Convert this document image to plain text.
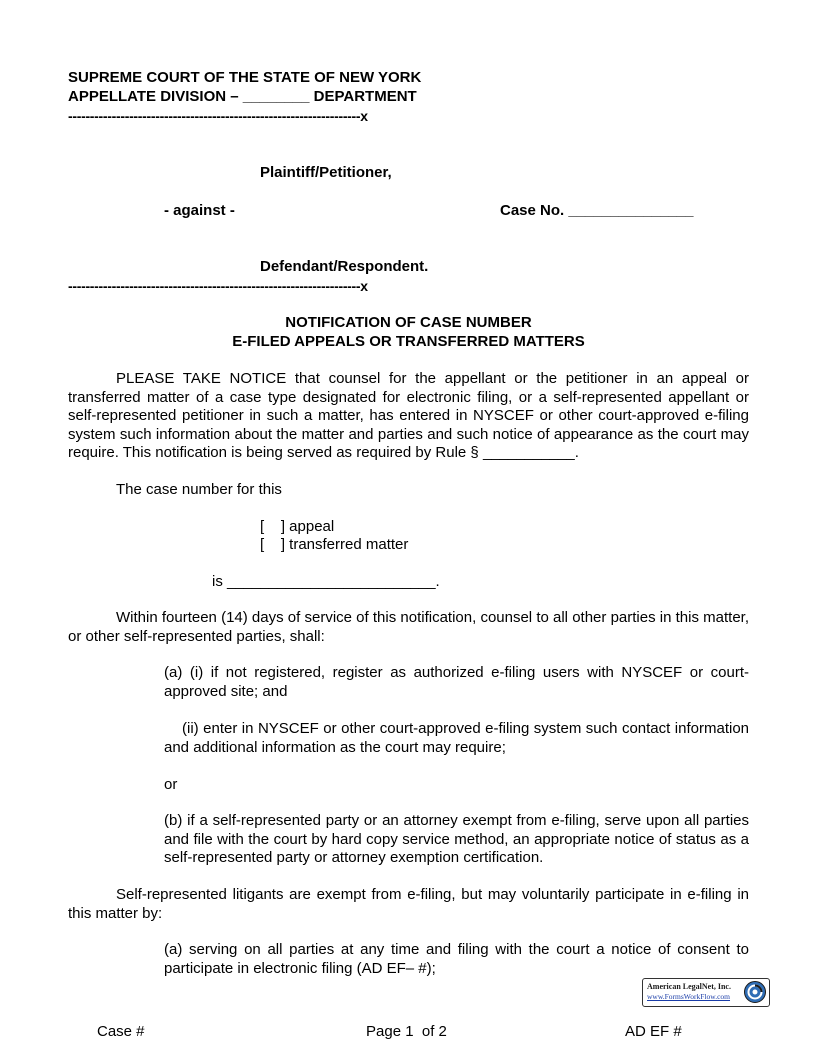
SUPREME COURT OF THE STATE OF NEW YORK
APPELLATE DIVISION – ________ DEPARTMENT
-------------------------------------------------------------------x
Plaintiff/Petitioner,
- against -	Case No. _______________
Defendant/Respondent.
-------------------------------------------------------------------x
NOTIFICATION OF CASE NUMBER
E-FILED APPEALS OR TRANSFERRED MATTERS
PLEASE TAKE NOTICE that counsel for the appellant or the petitioner in an appeal or transferred matter of a case type designated for electronic filing, or a self-represented appellant or self-represented petitioner in such a matter, has entered in NYSCEF or other court-approved e-filing system such information about the matter and parties and such notice of appearance as the court may require. This notification is being served as required by Rule § ___________.
The case number for this
[    ] appeal
[    ] transferred matter
is _________________________.
Within fourteen (14) days of service of this notification, counsel to all other parties in this matter, or other self-represented parties, shall:
(a) (i) if not registered, register as authorized e-filing users with NYSCEF or court-approved site; and
(ii) enter in NYSCEF or other court-approved e-filing system such contact information and additional information as the court may require;
or
(b) if a self-represented party or an attorney exempt from e-filing, serve upon all parties and file with the court by hard copy service method, an appropriate notice of status as a self-represented party or attorney exemption certification.
Self-represented litigants are exempt from e-filing, but may voluntarily participate in e-filing in this matter by:
(a) serving on all parties at any time and filing with the court a notice of consent to participate in electronic filing (AD EF– #);
American LegalNet, Inc.
www.FormsWorkFlow.com
Case #	Page 1  of 2	AD EF #
